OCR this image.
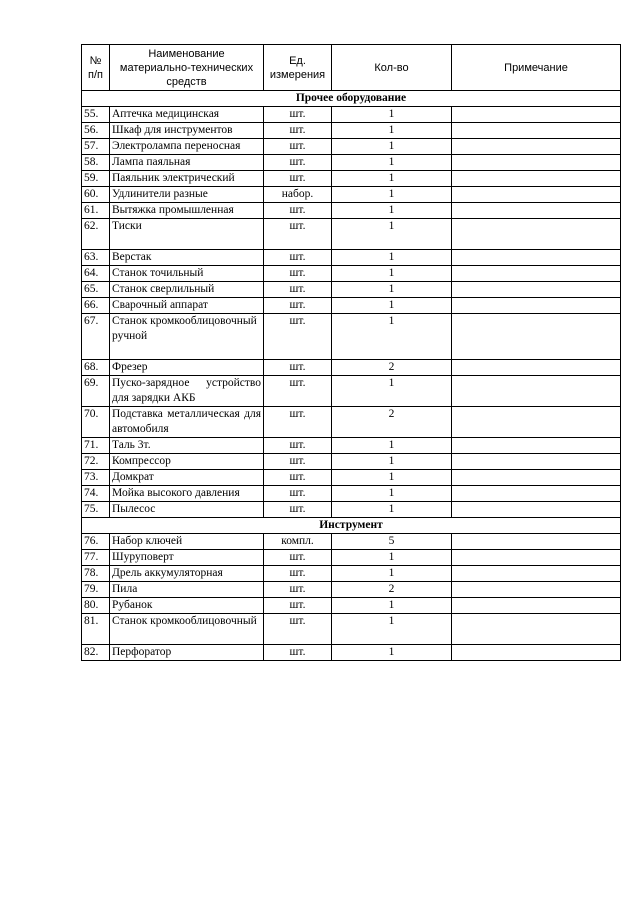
№ п/п	Наименование материально-технических средств	Ед. измерения	Кол-во	Примечание
Прочее оборудование				
55.	Аптечка медицинская	шт.	1	
56.	Шкаф для инструментов	шт.	1	
57.	Электролампа переносная	шт.	1	
58.	Лампа паяльная	шт.	1	
59.	Паяльник электрический	шт.	1	
60.	Удлинители разные	набор.	1	
61.	Вытяжка промышленная	шт.	1	
62.	Тиски	шт.	1	
63.	Верстак	шт.	1	
64.	Станок точильный	шт.	1	
65.	Станок сверлильный	шт.	1	
66.	Сварочный аппарат	шт.	1	
67.	Станок кромкооблицовочный ручной	шт.	1	
68.	Фрезер	шт.	2	
69.	Пуско-зарядное устройство для зарядки АКБ	шт.	1	
70.	Подставка металлическая для автомобиля	шт.	2	
71.	Таль 3т.	шт.	1	
72.	Компрессор	шт.	1	
73.	Домкрат	шт.	1	
74.	Мойка высокого давления	шт.	1	
75.	Пылесос	шт.	1	
Инструмент				
76.	Набор ключей	компл.	5	
77.	Шуруповерт	шт.	1	
78.	Дрель аккумуляторная	шт.	1	
79.	Пила	шт.	2	
80.	Рубанок	шт.	1	
81.	Станок кромкооблицовочный	шт.	1	
82.	Перфоратор	шт.	1	
